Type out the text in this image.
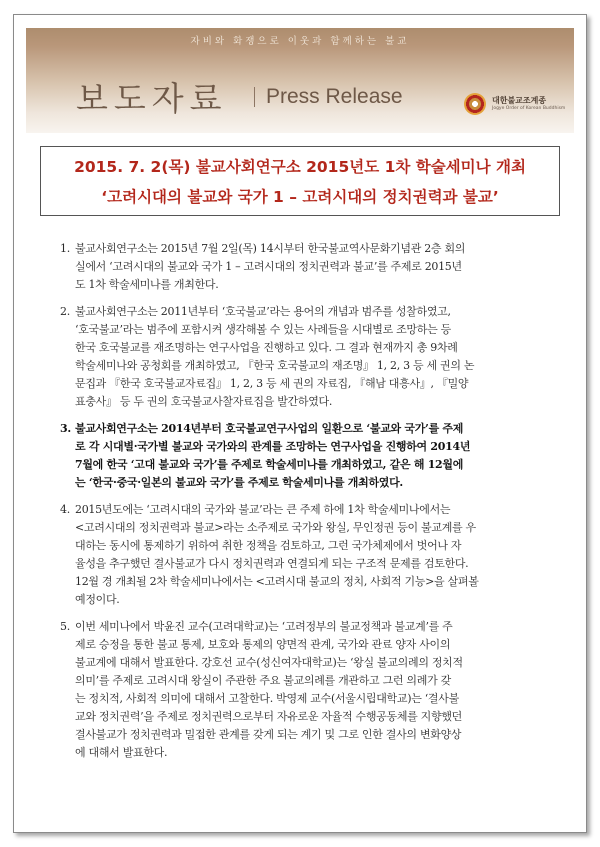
자비와 화쟁으로 이웃과 함께하는 불교
보도자료 Press Release	대한불교조계종
Jogye Order of Korean Buddhism
2015. 7. 2(목) 불교사회연구소 2015년도 1차 학술세미나 개최
‘고려시대의 불교와 국가 1 – 고려시대의 정치권력과 불교’
1. 불교사회연구소는 2015년 7월 2일(목) 14시부터 한국불교역사문화기념관 2층 회의
실에서 ‘고려시대의 불교와 국가 1 – 고려시대의 정치권력과 불교’를 주제로 2015년
도 1차 학술세미나를 개최한다.
2. 불교사회연구소는 2011년부터 ‘호국불교’라는 용어의 개념과 범주를 성찰하였고,
‘호국불교’라는 범주에 포함시켜 생각해볼 수 있는 사례들을 시대별로 조망하는 등
한국 호국불교를 재조명하는 연구사업을 진행하고 있다. 그 결과 현재까지 총 9차례
학술세미나와 공청회를 개최하였고, 『한국 호국불교의 재조명』 1, 2, 3 등 세 권의 논
문집과 『한국 호국불교자료집』 1, 2, 3 등 세 권의 자료집, 『해남 대흥사』, 『밀양
표충사』 등 두 권의 호국불교사찰자료집을 발간하였다.
3. 불교사회연구소는 2014년부터 호국불교연구사업의 일환으로 ‘불교와 국가’를 주제
로 각 시대별·국가별 불교와 국가와의 관계를 조망하는 연구사업을 진행하여 2014년
7월에 한국 ‘고대 불교와 국가’를 주제로 학술세미나를 개최하였고, 같은 해 12월에
는 ‘한국·중국·일본의 불교와 국가’를 주제로 학술세미나를 개최하였다.
4. 2015년도에는 ‘고려시대의 국가와 불교’라는 큰 주제 하에 1차 학술세미나에서는
<고려시대의 정치권력과 불교>라는 소주제로 국가와 왕실, 무인정권 등이 불교계를 우
대하는 동시에 통제하기 위하여 취한 정책을 검토하고, 그런 국가체제에서 벗어나 자
율성을 추구했던 결사불교가 다시 정치권력과 연결되게 되는 구조적 문제를 검토한다.
12월 경 개최될 2차 학술세미나에서는 <고려시대 불교의 정치, 사회적 기능>을 살펴볼
예정이다.
5. 이번 세미나에서 박윤진 교수(고려대학교)는 ‘고려정부의 불교정책과 불교계’를 주
제로 승정을 통한 불교 통제, 보호와 통제의 양면적 관계, 국가와 관료 양자 사이의
불교계에 대해서 발표한다. 강호선 교수(성신여자대학교)는 ‘왕실 불교의례의 정치적
의미’를 주제로 고려시대 왕실이 주관한 주요 불교의례를 개관하고 그런 의례가 갖
는 정치적, 사회적 의미에 대해서 고찰한다. 박영제 교수(서울시립대학교)는 ‘결사불
교와 정치권력’을 주제로 정치권력으로부터 자유로운 자율적 수행공동체를 지향했던
결사불교가 정치권력과 밀접한 관계를 갖게 되는 계기 및 그로 인한 결사의 변화양상
에 대해서 발표한다.
